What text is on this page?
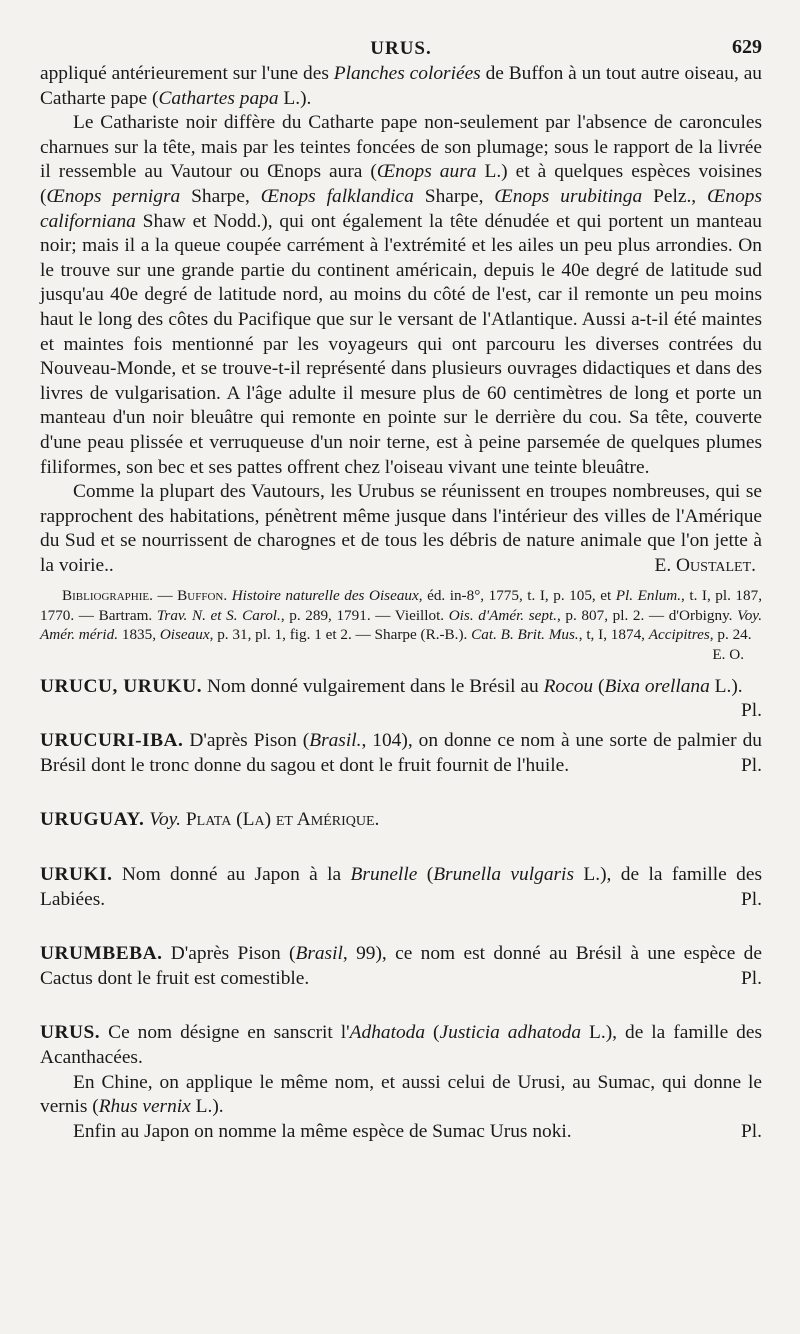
URUS.	629

appliqué antérieurement sur l'une des Planches coloriées de Buffon à un tout autre oiseau, au Catharte pape (Cathartes papa L.).

Le Cathariste noir diffère du Catharte pape non-seulement par l'absence de caroncules charnues sur la tête, mais par les teintes foncées de son plumage; sous le rapport de la livrée il ressemble au Vautour ou Œnops aura (Œnops aura L.) et à quelques espèces voisines (Œnops pernigra Sharpe, Œnops falklandica Sharpe, Œnops urubitinga Pelz., Œnops californiana Shaw et Nodd.), qui ont également la tête dénudée et qui portent un manteau noir; mais il a la queue coupée carrément à l'extrémité et les ailes un peu plus arrondies. On le trouve sur une grande partie du continent américain, depuis le 40e degré de latitude sud jusqu'au 40e degré de latitude nord, au moins du côté de l'est, car il remonte un peu moins haut le long des côtes du Pacifique que sur le versant de l'Atlantique. Aussi a-t-il été maintes et maintes fois mentionné par les voyageurs qui ont parcouru les diverses contrées du Nouveau-Monde, et se trouve-t-il représenté dans plusieurs ouvrages didactiques et dans des livres de vulgarisation. A l'âge adulte il mesure plus de 60 centimètres de long et porte un manteau d'un noir bleuâtre qui remonte en pointe sur le derrière du cou. Sa tête, couverte d'une peau plissée et verruqueuse d'un noir terne, est à peine parsemée de quelques plumes filiformes, son bec et ses pattes offrent chez l'oiseau vivant une teinte bleuâtre.

Comme la plupart des Vautours, les Urubus se réunissent en troupes nombreuses, qui se rapprochent des habitations, pénètrent même jusque dans l'intérieur des villes de l'Amérique du Sud et se nourrissent de charognes et de tous les débris de nature animale que l'on jette à la voirie..	E. Oustalet.

Bibliographie. — Buffon. Histoire naturelle des Oiseaux, éd. in-8°, 1775, t. I, p. 105, et Pl. Enlum., t. I, pl. 187, 1770. — Bartram. Trav. N. et S. Carol., p. 289, 1791. — Vieillot. Ois. d'Amér. sept., p. 807, pl. 2. — d'Orbigny. Voy. Amér. mérid. 1835, Oiseaux, p. 31, pl. 1, fig. 1 et 2. — Sharpe (R.-B.). Cat. B. Brit. Mus., t, I, 1874, Accipitres, p. 24.
E. O.

URUCU, URUKU. Nom donné vulgairement dans le Brésil au Rocou (Bixa orellana L.).
Pl.

URUCURI-IBA. D'après Pison (Brasil., 104), on donne ce nom à une sorte de palmier du Brésil dont le tronc donne du sagou et dont le fruit fournit de l'huile.	Pl.

URUGUAY. Voy. Plata (La) et Amérique.

URUKI. Nom donné au Japon à la Brunelle (Brunella vulgaris L.), de la famille des Labiées.	Pl.

URUMBEBA. D'après Pison (Brasil, 99), ce nom est donné au Brésil à une espèce de Cactus dont le fruit est comestible.	Pl.

URUS. Ce nom désigne en sanscrit l'Adhatoda (Justicia adhatoda L.), de la famille des Acanthacées.

En Chine, on applique le même nom, et aussi celui de Urusi, au Sumac, qui donne le vernis (Rhus vernix L.).

Enfin au Japon on nomme la même espèce de Sumac Urus noki.	Pl.
